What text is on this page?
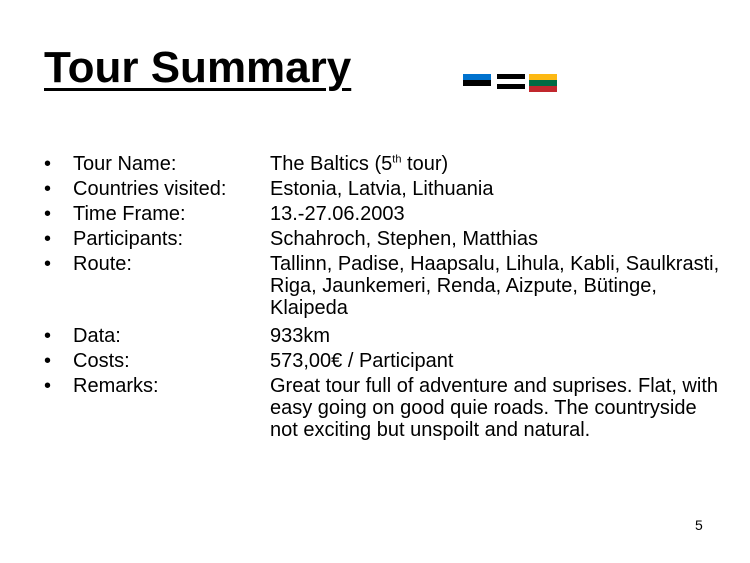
Tour Summary
•	Tour Name:	The Baltics (5th tour)
•	Countries visited: Estonia, Latvia, Lithuania
•	Time Frame:	13.-27.06.2003
•	Participants:	Schahroch, Stephen, Matthias
•	Route:	Tallinn, Padise, Haapsalu, Lihula, Kabli, Saulkrasti, Riga, Jaunkemeri, Renda, Aizpute, Bütinge, Klaipeda
•	Data:	933km
•	Costs:	573,00€ / Participant
•	Remarks:	Great tour full of adventure and suprises. Flat, with easy going on good quie roads. The countryside not exciting but unspoilt and natural.
5
